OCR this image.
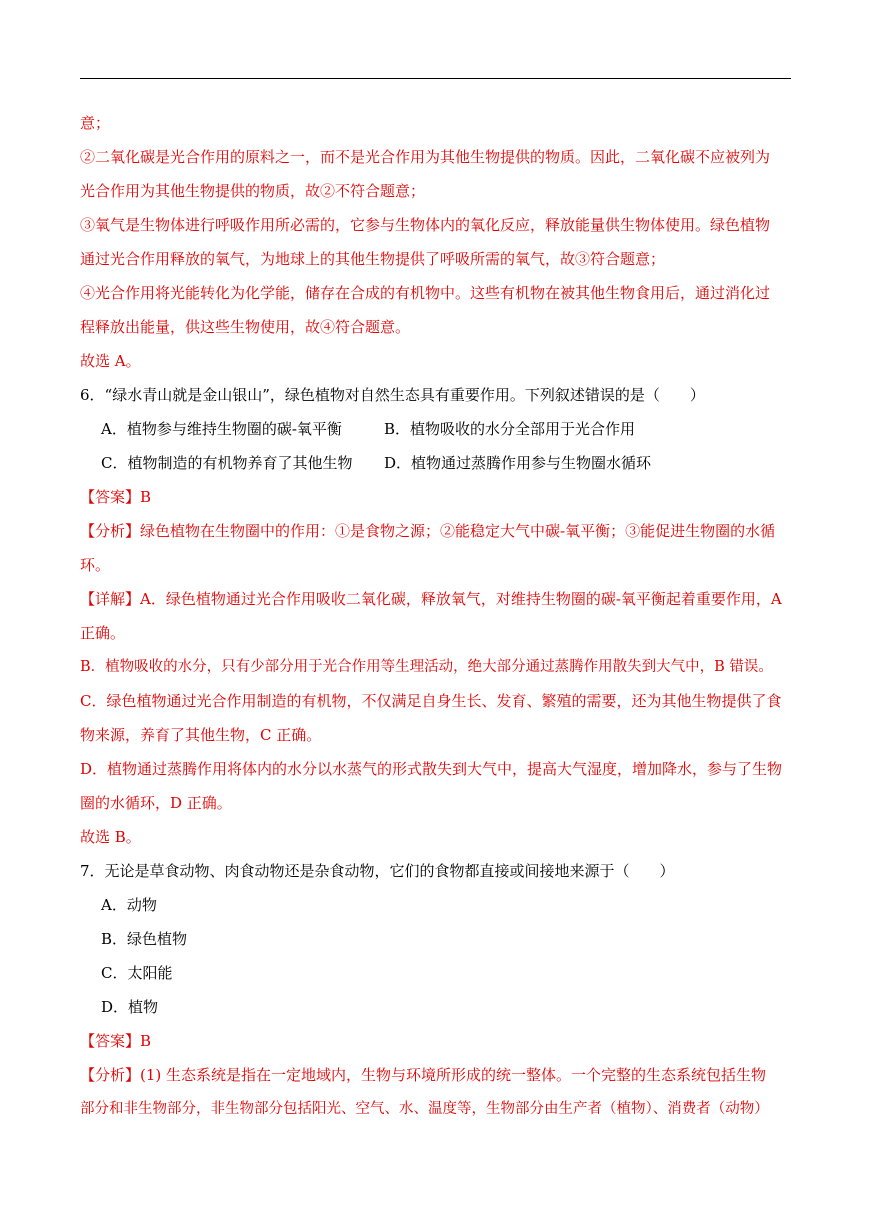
意；
②二氧化碳是光合作用的原料之一，而不是光合作用为其他生物提供的物质。因此，二氧化碳不应被列为
光合作用为其他生物提供的物质，故②不符合题意；
③氧气是生物体进行呼吸作用所必需的，它参与生物体内的氧化反应，释放能量供生物体使用。绿色植物
通过光合作用释放的氧气，为地球上的其他生物提供了呼吸所需的氧气，故③符合题意；
④光合作用将光能转化为化学能，储存在合成的有机物中。这些有机物在被其他生物食用后，通过消化过
程释放出能量，供这些生物使用，故④符合题意。
故选 A。
6．“绿水青山就是金山银山”，绿色植物对自然生态具有重要作用。下列叙述错误的是（　　）
A．植物参与维持生物圈的碳-氧平衡	B．植物吸收的水分全部用于光合作用
C．植物制造的有机物养育了其他生物 D．植物通过蒸腾作用参与生物圈水循环
【答案】B
【分析】绿色植物在生物圈中的作用：①是食物之源；②能稳定大气中碳-氧平衡；③能促进生物圈的水循
环。
【详解】A．绿色植物通过光合作用吸收二氧化碳，释放氧气，对维持生物圈的碳-氧平衡起着重要作用，A
正确。
B．植物吸收的水分，只有少部分用于光合作用等生理活动，绝大部分通过蒸腾作用散失到大气中，B 错误。
C．绿色植物通过光合作用制造的有机物，不仅满足自身生长、发育、繁殖的需要，还为其他生物提供了食
物来源，养育了其他生物，C 正确。
D．植物通过蒸腾作用将体内的水分以水蒸气的形式散失到大气中，提高大气湿度，增加降水，参与了生物
圈的水循环，D 正确。
故选 B。
7．无论是草食动物、肉食动物还是杂食动物，它们的食物都直接或间接地来源于（　　）
A．动物
B．绿色植物
C．太阳能
D．植物
【答案】B
【分析】(1) 生态系统是指在一定地域内，生物与环境所形成的统一整体。一个完整的生态系统包括生物
部分和非生物部分，非生物部分包括阳光、空气、水、温度等，生物部分由生产者（植物）、消费者（动物）
